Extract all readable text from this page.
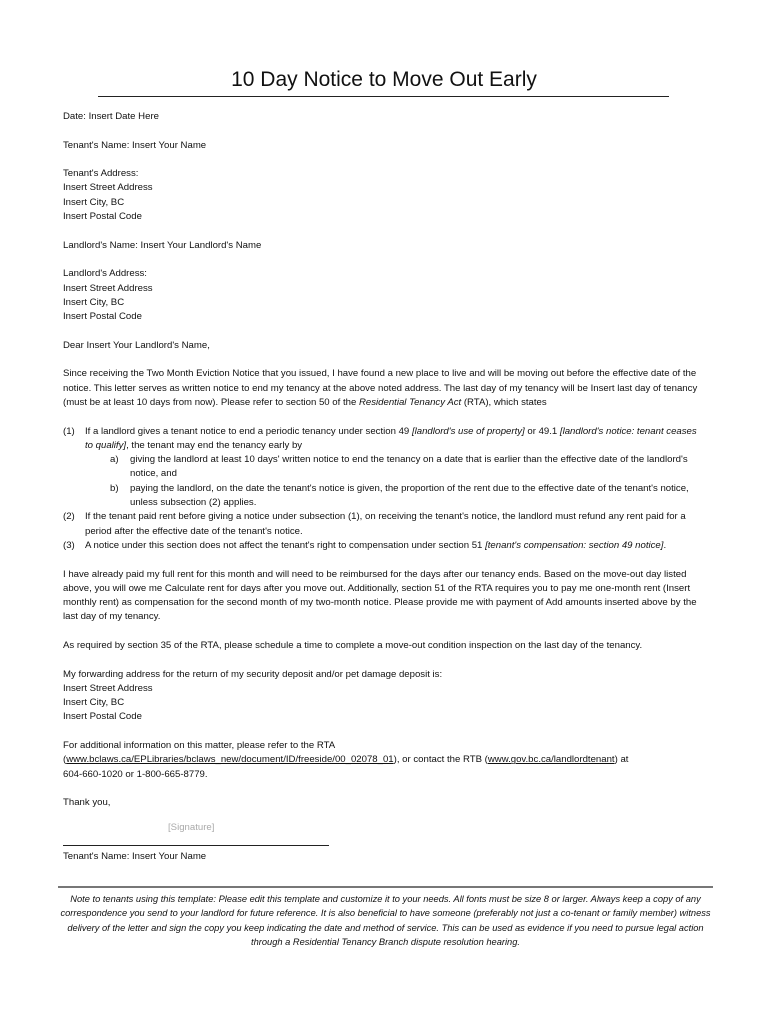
10 Day Notice to Move Out Early

Date: Insert Date Here

Tenant's Name: Insert Your Name

Tenant's Address:
Insert Street Address
Insert City, BC
Insert Postal Code

Landlord's Name: Insert Your Landlord's Name

Landlord's Address:
Insert Street Address
Insert City, BC
Insert Postal Code

Dear Insert Your Landlord's Name,

Since receiving the Two Month Eviction Notice that you issued, I have found a new place to live and will be moving out before the effective date of the notice. This letter serves as written notice to end my tenancy at the above noted address. The last day of my tenancy will be Insert last day of tenancy (must be at least 10 days from now). Please refer to section 50 of the Residential Tenancy Act (RTA), which states

(1) If a landlord gives a tenant notice to end a periodic tenancy under section 49 [landlord's use of property] or 49.1 [landlord's notice: tenant ceases to qualify], the tenant may end the tenancy early by
a) giving the landlord at least 10 days' written notice to end the tenancy on a date that is earlier than the effective date of the landlord's notice, and
b) paying the landlord, on the date the tenant's notice is given, the proportion of the rent due to the effective date of the tenant's notice, unless subsection (2) applies.
(2) If the tenant paid rent before giving a notice under subsection (1), on receiving the tenant's notice, the landlord must refund any rent paid for a period after the effective date of the tenant's notice.
(3) A notice under this section does not affect the tenant's right to compensation under section 51 [tenant's compensation: section 49 notice].

I have already paid my full rent for this month and will need to be reimbursed for the days after our tenancy ends. Based on the move-out day listed above, you will owe me Calculate rent for days after you move out. Additionally, section 51 of the RTA requires you to pay me one-month rent (Insert monthly rent) as compensation for the second month of my two-month notice. Please provide me with payment of Add amounts inserted above by the last day of my tenancy.

As required by section 35 of the RTA, please schedule a time to complete a move-out condition inspection on the last day of the tenancy.

My forwarding address for the return of my security deposit and/or pet damage deposit is:
Insert Street Address
Insert City, BC
Insert Postal Code

For additional information on this matter, please refer to the RTA
(www.bclaws.ca/EPLibraries/bclaws_new/document/ID/freeside/00_02078_01), or contact the RTB (www.gov.bc.ca/landlordtenant) at
604-660-1020 or 1-800-665-8779.

Thank you,

[Signature]
Tenant's Name: Insert Your Name
Note to tenants using this template: Please edit this template and customize it to your needs. All fonts must be size 8 or larger. Always keep a copy of any correspondence you send to your landlord for future reference. It is also beneficial to have someone (preferably not just a co-tenant or family member) witness delivery of the letter and sign the copy you keep indicating the date and method of service. This can be used as evidence if you need to pursue legal action through a Residential Tenancy Branch dispute resolution hearing.
